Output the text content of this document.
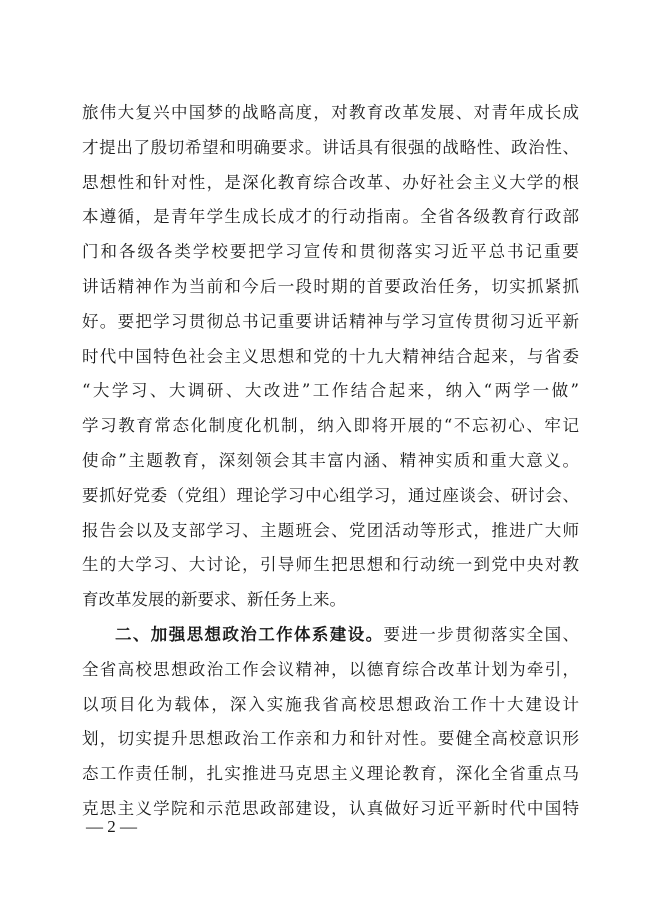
旅伟大复兴中国梦的战略高度，对教育改革发展、对青年成长成
才提出了殷切希望和明确要求。讲话具有很强的战略性、政治性、
思想性和针对性，是深化教育综合改革、办好社会主义大学的根
本遵循，是青年学生成长成才的行动指南。全省各级教育行政部
门和各级各类学校要把学习宣传和贯彻落实习近平总书记重要
讲话精神作为当前和今后一段时期的首要政治任务，切实抓紧抓
好。要把学习贯彻总书记重要讲话精神与学习宣传贯彻习近平新
时代中国特色社会主义思想和党的十九大精神结合起来，与省委
“大学习、大调研、大改进”工作结合起来，纳入“两学一做”
学习教育常态化制度化机制，纳入即将开展的“不忘初心、牢记
使命”主题教育，深刻领会其丰富内涵、精神实质和重大意义。
要抓好党委（党组）理论学习中心组学习，通过座谈会、研讨会、
报告会以及支部学习、主题班会、党团活动等形式，推进广大师
生的大学习、大讨论，引导师生把思想和行动统一到党中央对教
育改革发展的新要求、新任务上来。
二、加强思想政治工作体系建设。要进一步贯彻落实全国、
全省高校思想政治工作会议精神，以德育综合改革计划为牵引，
以项目化为载体，深入实施我省高校思想政治工作十大建设计
划，切实提升思想政治工作亲和力和针对性。要健全高校意识形
态工作责任制，扎实推进马克思主义理论教育，深化全省重点马
克思主义学院和示范思政部建设，认真做好习近平新时代中国特
— 2 —
